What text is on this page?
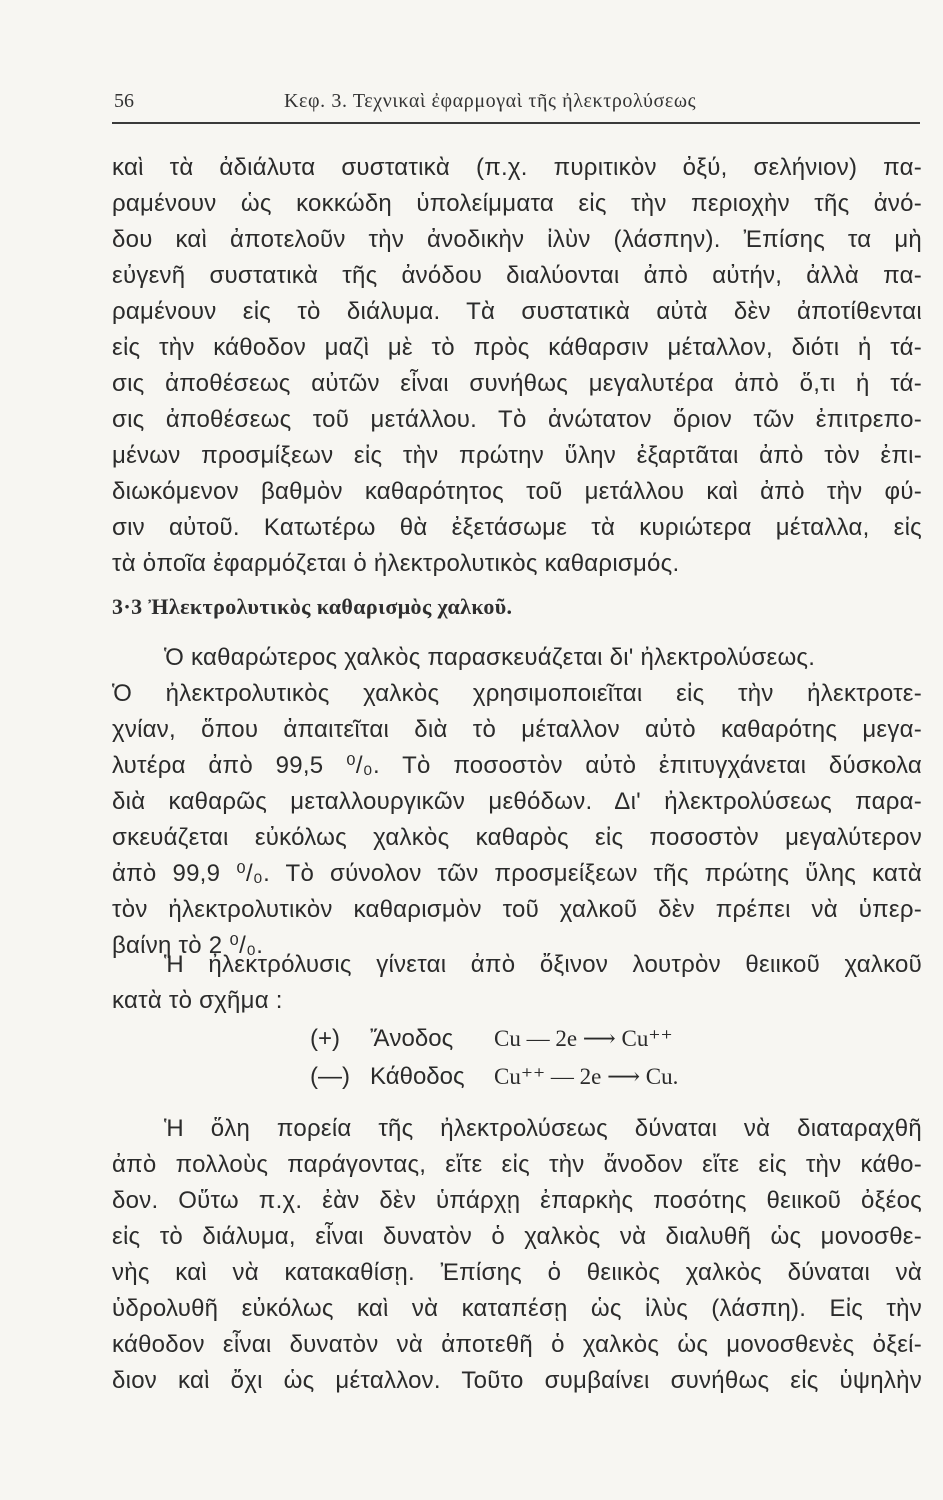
56	Κεφ. 3. Τεχνικαὶ ἐφαρμογαὶ τῆς ἠλεκτρολύσεως

καὶ τὰ ἀδιάλυτα συστατικὰ (π.χ. πυριτικὸν ὀξύ, σελήνιον) πα-

ραμένουν ὡς κοκκώδη ὑπολείμματα εἰς τὴν περιοχὴν τῆς ἀνό-

δου καὶ ἀποτελοῦν τὴν ἀνοδικὴν ἰλὺν (λάσπην). Ἐπίσης τα μὴ

εὐγενῆ συστατικὰ τῆς ἀνόδου διαλύονται ἀπὸ αὐτήν, ἀλλὰ πα-

ραμένουν εἰς τὸ διάλυμα. Τὰ συστατικὰ αὐτὰ δὲν ἀποτίθενται

εἰς τὴν κάθοδον μαζὶ μὲ τὸ πρὸς κάθαρσιν μέταλλον, διότι ἡ τά-

σις ἀποθέσεως αὐτῶν εἶναι συνήθως μεγαλυτέρα ἀπὸ ὅ,τι ἡ τά-

σις ἀποθέσεως τοῦ μετάλλου. Τὸ ἀνώτατον ὅριον τῶν ἐπιτρεπο-

μένων προσμίξεων εἰς τὴν πρώτην ὕλην ἐξαρτᾶται ἀπὸ τὸν ἐπι-

διωκόμενον βαθμὸν καθαρότητος τοῦ μετάλλου καὶ ἀπὸ τὴν φύ-

σιν αὐτοῦ. Κατωτέρω θὰ ἐξετάσωμε τὰ κυριώτερα μέταλλα, εἰς

τὰ ὁποῖα ἐφαρμόζεται ὁ ἠλεκτρολυτικὸς καθαρισμός.

3·3 Ἠλεκτρολυτικὸς καθαρισμὸς χαλκοῦ.

Ὁ καθαρώτερος χαλκὸς παρασκευάζεται δι' ἠλεκτρολύσεως.

Ὁ ἠλεκτρολυτικὸς χαλκὸς χρησιμοποιεῖται εἰς τὴν ἠλεκτροτε-

χνίαν, ὅπου ἀπαιτεῖται διὰ τὸ μέταλλον αὐτὸ καθαρότης μεγα-

λυτέρα ἀπὸ 99,5 ⁰/₀. Τὸ ποσοστὸν αὐτὸ ἐπιτυγχάνεται δύσκολα

διὰ καθαρῶς μεταλλουργικῶν μεθόδων. Δι' ἠλεκτρολύσεως παρα-

σκευάζεται εὐκόλως χαλκὸς καθαρὸς εἰς ποσοστὸν μεγαλύτερον

ἀπὸ 99,9 ⁰/₀. Τὸ σύνολον τῶν προσμείξεων τῆς πρώτης ὕλης κατὰ

τὸν ἠλεκτρολυτικὸν καθαρισμὸν τοῦ χαλκοῦ δὲν πρέπει νὰ ὑπερ-

βαίνη τὸ 2 ⁰/₀.

Ἡ ἠλεκτρόλυσις γίνεται ἀπὸ ὄξινον λουτρὸν θειικοῦ χαλκοῦ

κατὰ τὸ σχῆμα :

(+) Ἄνοδος Cu — 2e ⟶ Cu⁺⁺
(—) Κάθοδος Cu⁺⁺ — 2e ⟶ Cu.

Ἡ ὅλη πορεία τῆς ἠλεκτρολύσεως δύναται νὰ διαταραχθῆ

ἀπὸ πολλοὺς παράγοντας, εἴτε εἰς τὴν ἄνοδον εἴτε εἰς τὴν κάθο-

δον. Οὕτω π.χ. ἐὰν δὲν ὑπάρχῃ ἐπαρκὴς ποσότης θειικοῦ ὀξέος

εἰς τὸ διάλυμα, εἶναι δυνατὸν ὁ χαλκὸς νὰ διαλυθῆ ὡς μονοσθε-

νὴς καὶ νὰ κατακαθίσῃ. Ἐπίσης ὁ θειικὸς χαλκὸς δύναται νὰ

ὑδρολυθῆ εὐκόλως καὶ νὰ καταπέσῃ ὡς ἰλὺς (λάσπη). Εἰς τὴν

κάθοδον εἶναι δυνατὸν νὰ ἀποτεθῆ ὁ χαλκὸς ὡς μονοσθενὲς ὀξεί-

διον καὶ ὄχι ὡς μέταλλον. Τοῦτο συμβαίνει συνήθως εἰς ὑψηλὴν
